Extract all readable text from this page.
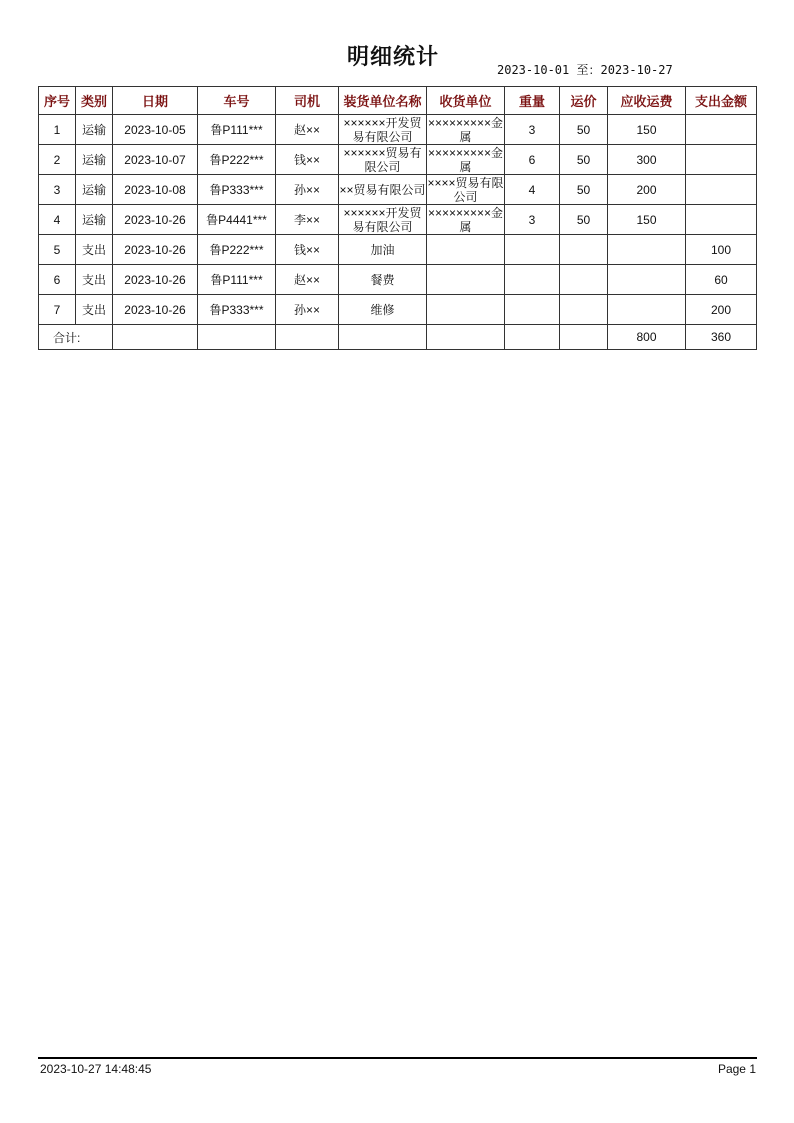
明细统计	2023-10-01 至：2023-10-27
序号	类别	日期	车号	司机	装货单位名称	收货单位	重量	运价	应收运费	支出金额
1	运输	2023-10-05	鲁P111***	赵××	××××××开发贸易有限公司	×××××××××金属	3	50	150	
2	运输	2023-10-07	鲁P222***	钱××	××××××贸易有限公司	×××××××××金属	6	50	300	
3	运输	2023-10-08	鲁P333***	孙××	××贸易有限公司	××××贸易有限公司	4	50	200	
4	运输	2023-10-26	鲁P4441***	李××	××××××开发贸易有限公司	×××××××××金属	3	50	150	
5	支出	2023-10-26	鲁P222***	钱××	加油					100
6	支出	2023-10-26	鲁P111***	赵××	餐费					60
7	支出	2023-10-26	鲁P333***	孙××	维修					200
合计:									800	360
2023-10-27 14:48:45	Page 1
